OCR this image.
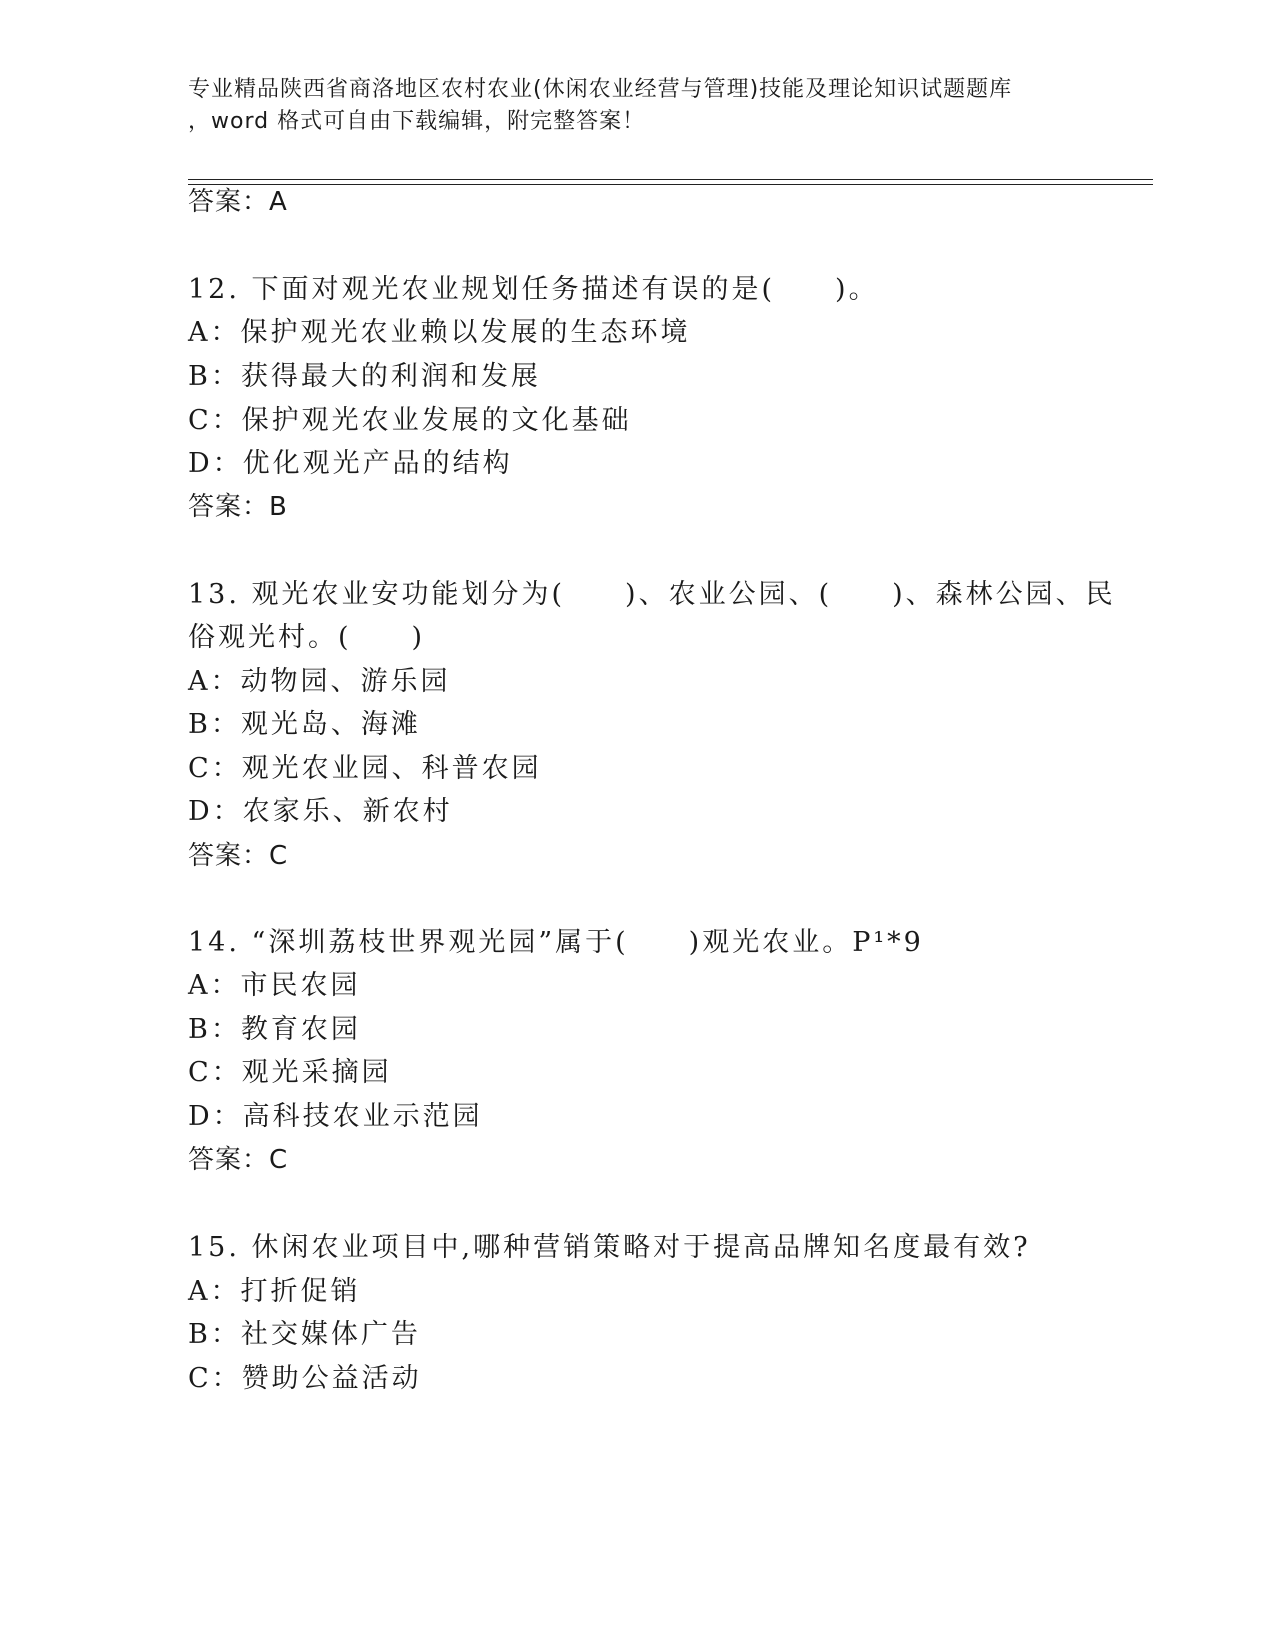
专业精品陕西省商洛地区农村农业(休闲农业经营与管理)技能及理论知识试题题库
，word 格式可自由下载编辑，附完整答案！
答案：A
12. 下面对观光农业规划任务描述有误的是(　　)。
A：保护观光农业赖以发展的生态环境
B：获得最大的利润和发展
C：保护观光农业发展的文化基础
D：优化观光产品的结构
答案：B
13. 观光农业安功能划分为(　　)、农业公园、(　　)、森林公园、民
俗观光村。(　　)
A：动物园、游乐园
B：观光岛、海滩
C：观光农业园、科普农园
D：农家乐、新农村
答案：C
14. “深圳荔枝世界观光园”属于(　　)观光农业。P¹*9
A：市民农园
B：教育农园
C：观光采摘园
D：高科技农业示范园
答案：C
15. 休闲农业项目中,哪种营销策略对于提高品牌知名度最有效?
A：打折促销
B：社交媒体广告
C：赞助公益活动
